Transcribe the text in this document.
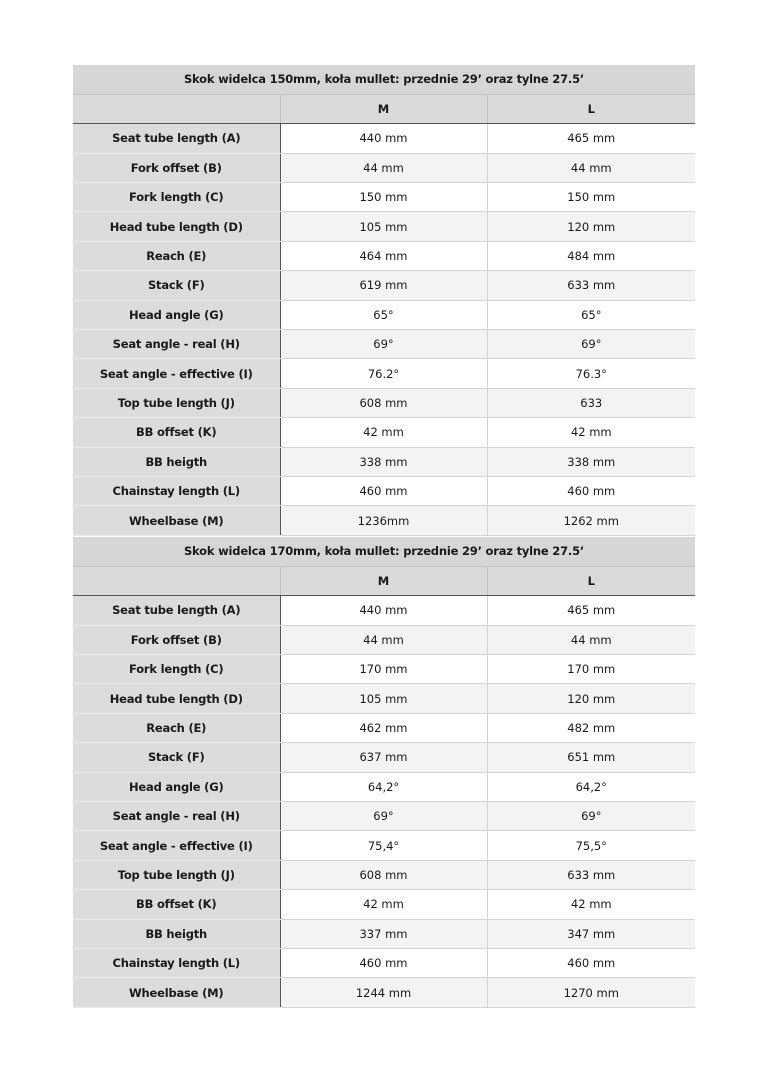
Skok widelca 150mm, koła mullet: przednie 29’ oraz tylne 27.5’		
	M	L
Seat tube length (A)	440 mm	465 mm
Fork offset (B)	44 mm	44 mm
Fork length (C)	150 mm	150 mm
Head tube length (D)	105 mm	120 mm
Reach (E)	464 mm	484 mm
Stack (F)	619 mm	633 mm
Head angle (G)	65°	65°
Seat angle - real (H)	69°	69°
Seat angle - effective (I)	76.2°	76.3°
Top tube length (J)	608 mm	633
BB offset (K)	42 mm	42 mm
BB heigth	338 mm	338 mm
Chainstay length (L)	460 mm	460 mm
Wheelbase (M)	1236mm	1262 mm
Skok widelca 170mm, koła mullet: przednie 29’ oraz tylne 27.5’		
	M	L
Seat tube length (A)	440 mm	465 mm
Fork offset (B)	44 mm	44 mm
Fork length (C)	170 mm	170 mm
Head tube length (D)	105 mm	120 mm
Reach (E)	462 mm	482 mm
Stack (F)	637 mm	651 mm
Head angle (G)	64,2°	64,2°
Seat angle - real (H)	69°	69°
Seat angle - effective (I)	75,4°	75,5°
Top tube length (J)	608 mm	633 mm
BB offset (K)	42 mm	42 mm
BB heigth	337 mm	347 mm
Chainstay length (L)	460 mm	460 mm
Wheelbase (M)	1244 mm	1270 mm
